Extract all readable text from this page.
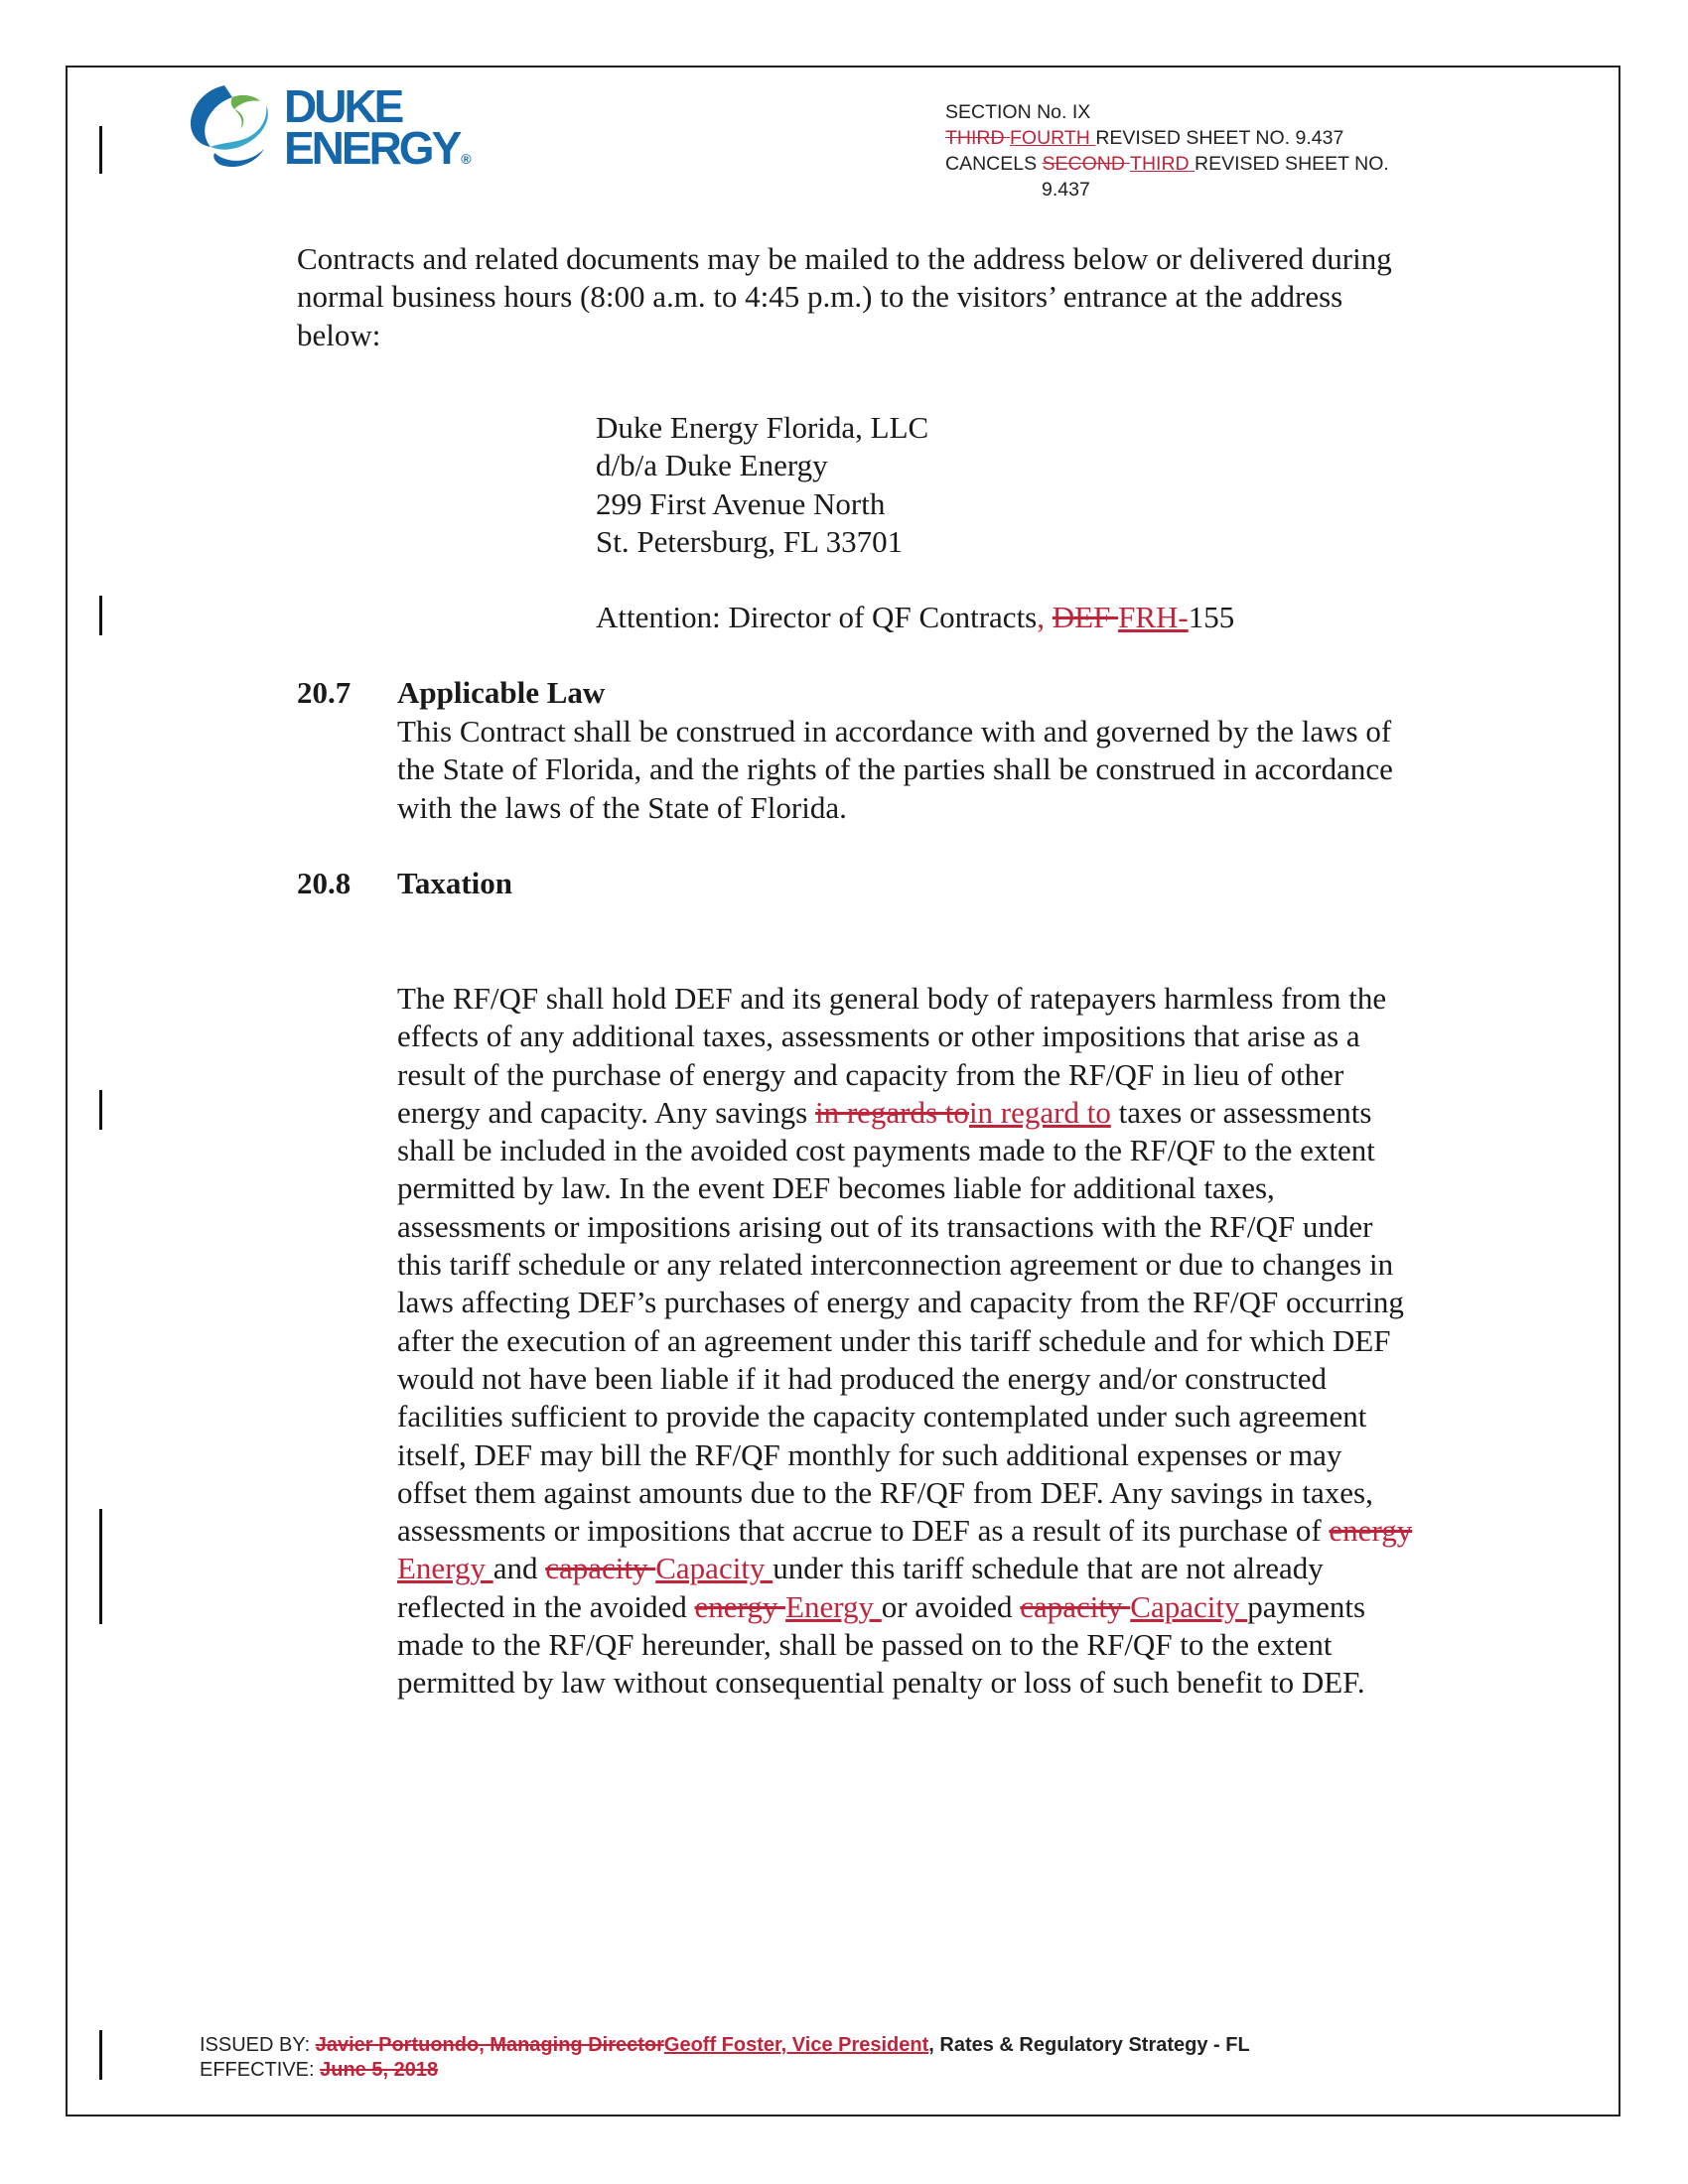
DUKE
ENERGY ®
SECTION No. IX
THIRD FOURTH REVISED SHEET NO. 9.437
CANCELS SECOND THIRD REVISED SHEET NO.
9.437
Contracts and related documents may be mailed to the address below or delivered during
normal business hours (8:00 a.m. to 4:45 p.m.) to the visitors’ entrance at the address
below:
Duke Energy Florida, LLC
d/b/a Duke Energy
299 First Avenue North
St. Petersburg, FL 33701
Attention: Director of QF Contracts, DEF FRH-155
20.7 Applicable Law
This Contract shall be construed in accordance with and governed by the laws of
the State of Florida, and the rights of the parties shall be construed in accordance
with the laws of the State of Florida.
20.8 Taxation
The RF/QF shall hold DEF and its general body of ratepayers harmless from the
effects of any additional taxes, assessments or other impositions that arise as a
result of the purchase of energy and capacity from the RF/QF in lieu of other
energy and capacity. Any savings in regards toin regard to taxes or assessments
shall be included in the avoided cost payments made to the RF/QF to the extent
permitted by law. In the event DEF becomes liable for additional taxes,
assessments or impositions arising out of its transactions with the RF/QF under
this tariff schedule or any related interconnection agreement or due to changes in
laws affecting DEF’s purchases of energy and capacity from the RF/QF occurring
after the execution of an agreement under this tariff schedule and for which DEF
would not have been liable if it had produced the energy and/or constructed
facilities sufficient to provide the capacity contemplated under such agreement
itself, DEF may bill the RF/QF monthly for such additional expenses or may
offset them against amounts due to the RF/QF from DEF. Any savings in taxes,
assessments or impositions that accrue to DEF as a result of its purchase of energy
Energy and capacity Capacity under this tariff schedule that are not already
reflected in the avoided energy Energy or avoided capacity Capacity payments
made to the RF/QF hereunder, shall be passed on to the RF/QF to the extent
permitted by law without consequential penalty or loss of such benefit to DEF.
ISSUED BY: Javier Portuondo, Managing DirectorGeoff Foster, Vice President, Rates & Regulatory Strategy - FL
EFFECTIVE: June 5, 2018
